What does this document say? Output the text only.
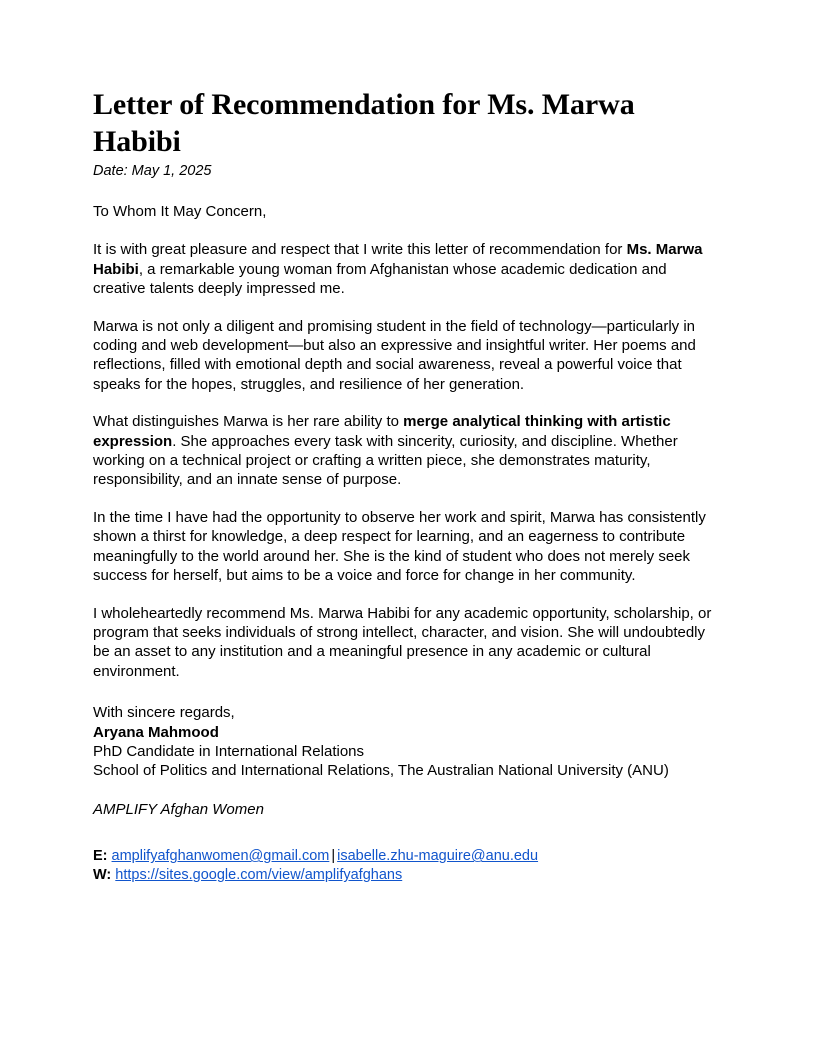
Letter of Recommendation for Ms. Marwa Habibi
Date: May 1, 2025

To Whom It May Concern,

It is with great pleasure and respect that I write this letter of recommendation for Ms. Marwa Habibi, a remarkable young woman from Afghanistan whose academic dedication and creative talents deeply impressed me.

Marwa is not only a diligent and promising student in the field of technology—particularly in coding and web development—but also an expressive and insightful writer. Her poems and reflections, filled with emotional depth and social awareness, reveal a powerful voice that speaks for the hopes, struggles, and resilience of her generation.

What distinguishes Marwa is her rare ability to merge analytical thinking with artistic expression. She approaches every task with sincerity, curiosity, and discipline. Whether working on a technical project or crafting a written piece, she demonstrates maturity, responsibility, and an innate sense of purpose.

In the time I have had the opportunity to observe her work and spirit, Marwa has consistently shown a thirst for knowledge, a deep respect for learning, and an eagerness to contribute meaningfully to the world around her. She is the kind of student who does not merely seek success for herself, but aims to be a voice and force for change in her community.

I wholeheartedly recommend Ms. Marwa Habibi for any academic opportunity, scholarship, or program that seeks individuals of strong intellect, character, and vision. She will undoubtedly be an asset to any institution and a meaningful presence in any academic or cultural environment.

With sincere regards,
Aryana Mahmood
PhD Candidate in International Relations
School of Politics and International Relations, The Australian National University (ANU)
AMPLIFY Afghan Women
E: amplifyafghanwomen@gmail.com | isabelle.zhu-maguire@anu.edu
W: https://sites.google.com/view/amplifyafghans
